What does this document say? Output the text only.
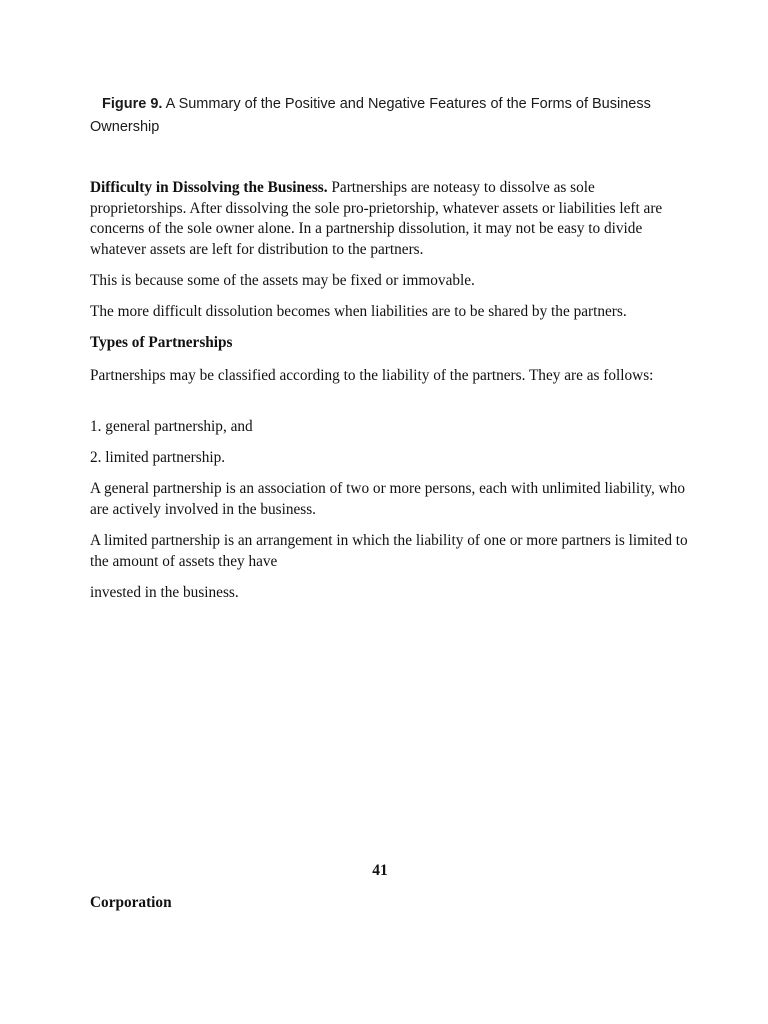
Figure 9. A Summary of the Positive and Negative Features of the Forms of Business Ownership

Difficulty in Dissolving the Business. Partnerships are noteasy to dissolve as sole proprietorships. After dissolving the sole pro-prietorship, whatever assets or liabilities left are concerns of the sole owner alone. In a partnership dissolution, it may not be easy to divide whatever assets are left for distribution to the partners.

This is because some of the assets may be fixed or immovable.

The more difficult dissolution becomes when liabilities are to be shared by the partners.

Types of Partnerships

Partnerships may be classified according to the liability of the partners. They are as follows:

1. general partnership, and

2. limited partnership.

A general partnership is an association of two or more persons, each with unlimited liability, who are actively involved in the business.

A limited partnership is an arrangement in which the liability of one or more partners is limited to the amount of assets they have

invested in the business.

41

Corporation
